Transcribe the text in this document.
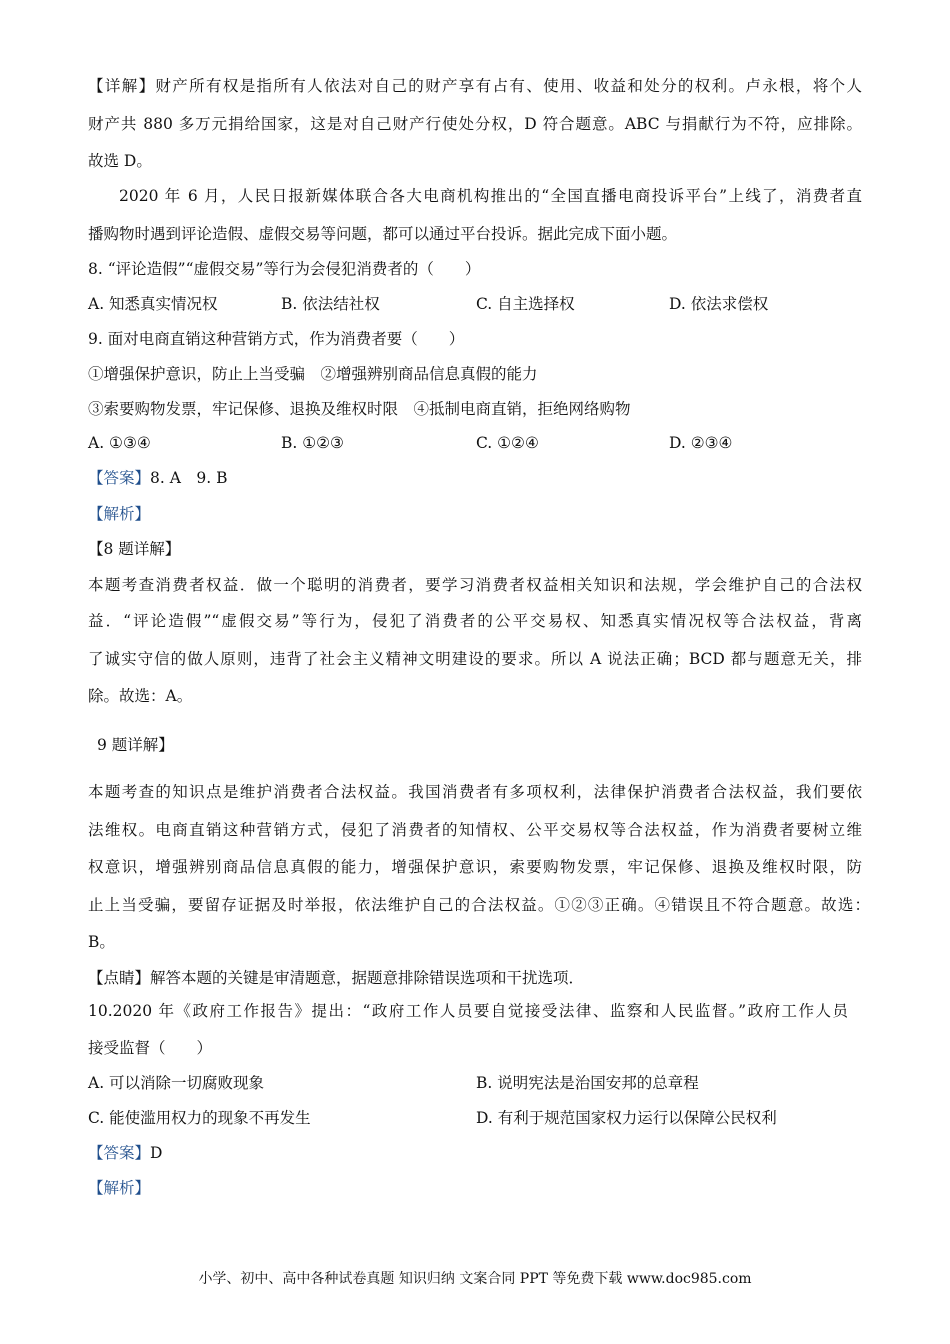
【详解】财产所有权是指所有人依法对自己的财产享有占有、使用、收益和处分的权利。卢永根，将个人
财产共 880 多万元捐给国家，这是对自己财产行使处分权，D 符合题意。ABC 与捐献行为不符，应排除。
故选 D。
2020 年 6 月，人民日报新媒体联合各大电商机构推出的“全国直播电商投诉平台”上线了，消费者直
播购物时遇到评论造假、虚假交易等问题，都可以通过平台投诉。据此完成下面小题。
8. “评论造假”“虚假交易”等行为会侵犯消费者的（　　）
A. 知悉真实情况权	B. 依法结社权	C. 自主选择权	D. 依法求偿权
9. 面对电商直销这种营销方式，作为消费者要（　　）
①增强保护意识，防止上当受骗　②增强辨别商品信息真假的能力
③索要购物发票，牢记保修、退换及维权时限　④抵制电商直销，拒绝网络购物
A. ①③④	B. ①②③	C. ①②④	D. ②③④
【答案】8. A　9. B
【解析】
【8 题详解】
本题考查消费者权益．做一个聪明的消费者，要学习消费者权益相关知识和法规，学会维护自己的合法权
益．“评论造假”“虚假交易”等行为，侵犯了消费者的公平交易权、知悉真实情况权等合法权益，背离
了诚实守信的做人原则，违背了社会主义精神文明建设的要求。所以 A 说法正确；BCD 都与题意无关，排
除。故选：A。
9 题详解】
本题考查的知识点是维护消费者合法权益。我国消费者有多项权利，法律保护消费者合法权益，我们要依
法维权。电商直销这种营销方式，侵犯了消费者的知情权、公平交易权等合法权益，作为消费者要树立维
权意识，增强辨别商品信息真假的能力，增强保护意识，索要购物发票，牢记保修、退换及维权时限，防
止上当受骗，要留存证据及时举报，依法维护自己的合法权益。①②③正确。④错误且不符合题意。故选：
B。
【点睛】解答本题的关键是审清题意，据题意排除错误选项和干扰选项．
10.2020 年《政府工作报告》提出：“政府工作人员要自觉接受法律、监察和人民监督。”政府工作人员
接受监督（　　）
A. 可以消除一切腐败现象	B. 说明宪法是治国安邦的总章程
C. 能使滥用权力的现象不再发生	D. 有利于规范国家权力运行以保障公民权利
【答案】D
【解析】
小学、初中、高中各种试卷真题 知识归纳 文案合同 PPT 等免费下载 www.doc985.com
